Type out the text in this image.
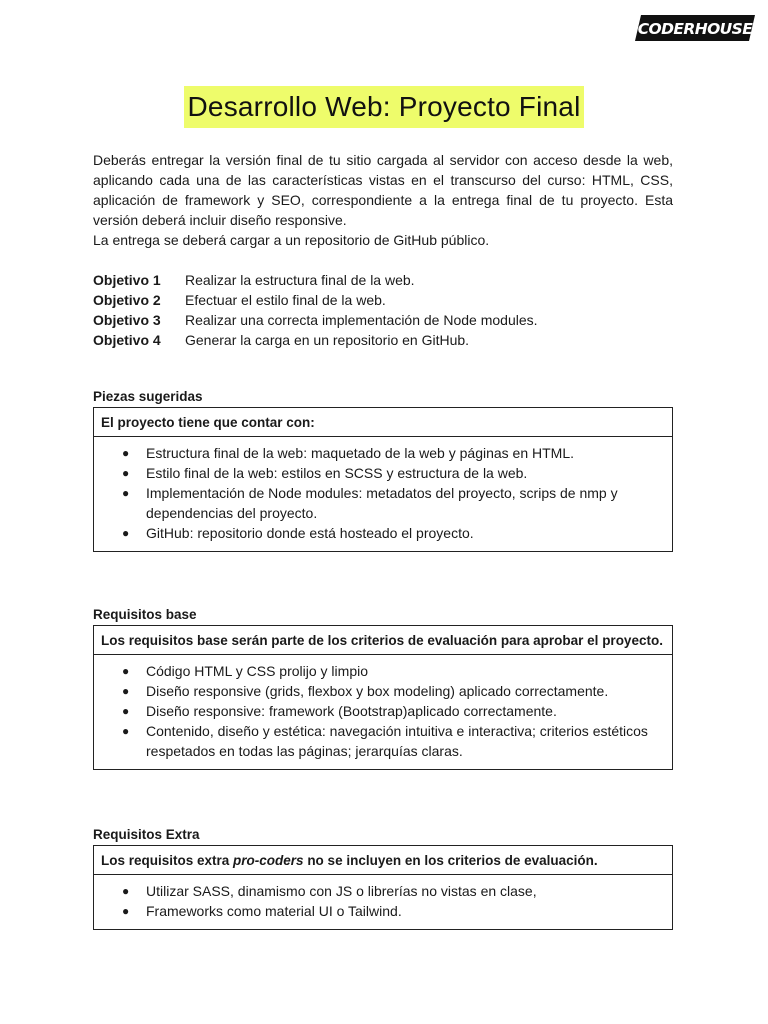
CODERHOUSE
Desarrollo Web: Proyecto Final

Deberás entregar la versión final de tu sitio cargada al servidor con acceso desde la web, aplicando cada una de las características vistas en el transcurso del curso: HTML, CSS, aplicación de framework y SEO, correspondiente a la entrega final de tu proyecto. Esta versión deberá incluir diseño responsive.

La entrega se deberá cargar a un repositorio de GitHub público.

Objetivo 1	Realizar la estructura final de la web.
Objetivo 2	Efectuar el estilo final de la web.
Objetivo 3	Realizar una correcta implementación de Node modules.
Objetivo 4	Generar la carga en un repositorio en GitHub.
Piezas sugeridas
El proyecto tiene que contar con:
● Estructura final de la web: maquetado de la web y páginas en HTML.
● Estilo final de la web: estilos en SCSS y estructura de la web.
● Implementación de Node modules: metadatos del proyecto, scrips de nmp y dependencias del proyecto.
● GitHub: repositorio donde está hosteado el proyecto.
Requisitos base
Los requisitos base serán parte de los criterios de evaluación para aprobar el proyecto.
● Código HTML y CSS prolijo y limpio
● Diseño responsive (grids, flexbox y box modeling) aplicado correctamente.
● Diseño responsive: framework (Bootstrap)aplicado correctamente.
● Contenido, diseño y estética: navegación intuitiva e interactiva; criterios estéticos respetados en todas las páginas; jerarquías claras.
Requisitos Extra
Los requisitos extra pro-coders no se incluyen en los criterios de evaluación.
● Utilizar SASS, dinamismo con JS o librerías no vistas en clase,
● Frameworks como material UI o Tailwind.
